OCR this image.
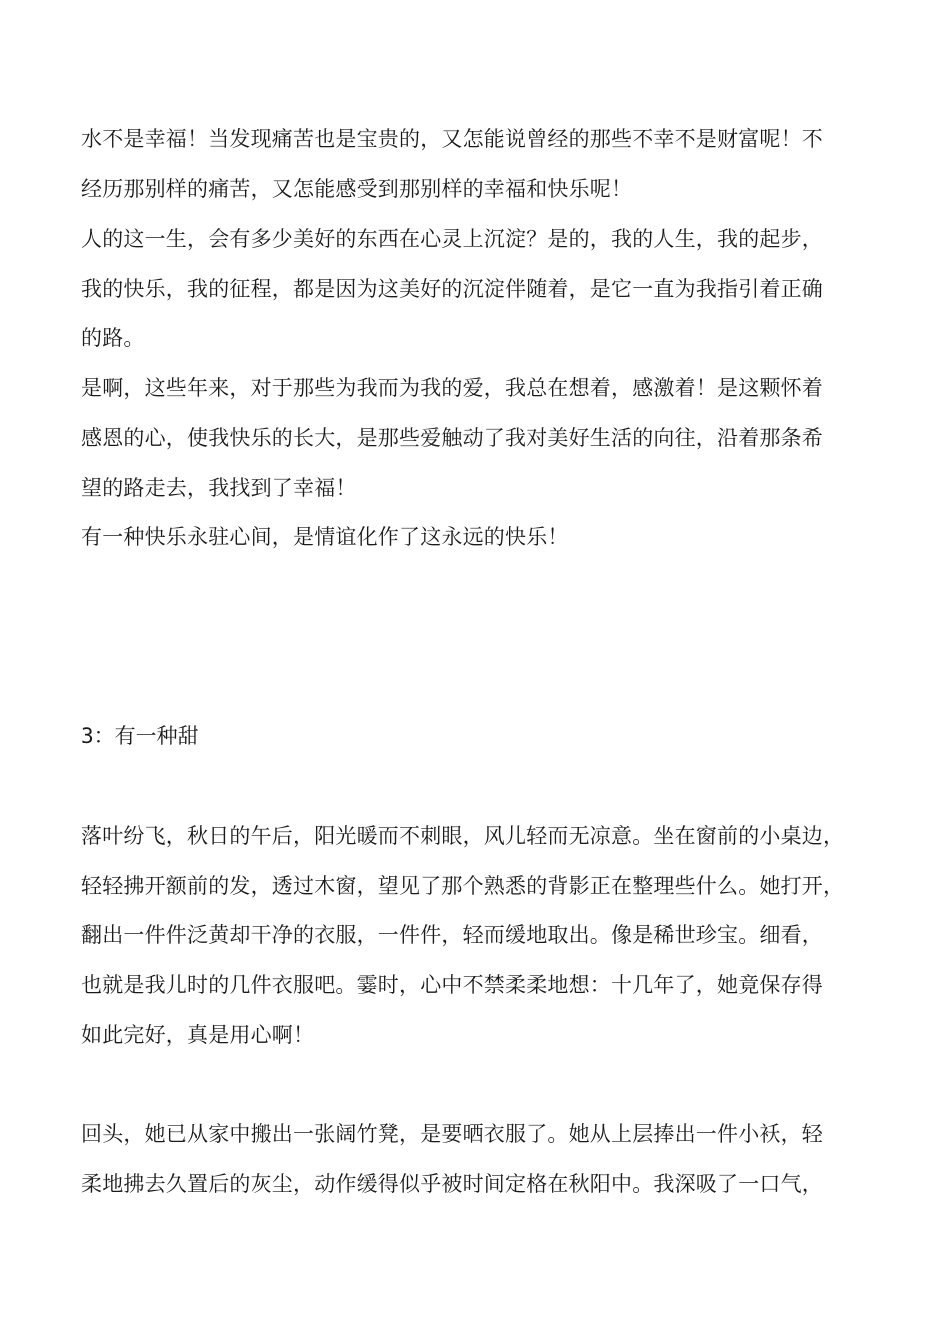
水不是幸福！当发现痛苦也是宝贵的，又怎能说曾经的那些不幸不是财富呢！不
经历那别样的痛苦，又怎能感受到那别样的幸福和快乐呢！
人的这一生，会有多少美好的东西在心灵上沉淀？是的，我的人生，我的起步，
我的快乐，我的征程，都是因为这美好的沉淀伴随着，是它一直为我指引着正确
的路。
是啊，这些年来，对于那些为我而为我的爱，我总在想着，感激着！是这颗怀着
感恩的心，使我快乐的长大，是那些爱触动了我对美好生活的向往，沿着那条希
望的路走去，我找到了幸福！
有一种快乐永驻心间，是情谊化作了这永远的快乐！
3：有一种甜
落叶纷飞，秋日的午后，阳光暖而不刺眼，风儿轻而无凉意。坐在窗前的小桌边，
轻轻拂开额前的发，透过木窗，望见了那个熟悉的背影正在整理些什么。她打开，
翻出一件件泛黄却干净的衣服，一件件，轻而缓地取出。像是稀世珍宝。细看，
也就是我儿时的几件衣服吧。霎时，心中不禁柔柔地想：十几年了，她竟保存得
如此完好，真是用心啊！
回头，她已从家中搬出一张阔竹凳，是要晒衣服了。她从上层捧出一件小袄，轻
柔地拂去久置后的灰尘，动作缓得似乎被时间定格在秋阳中。我深吸了一口气，
